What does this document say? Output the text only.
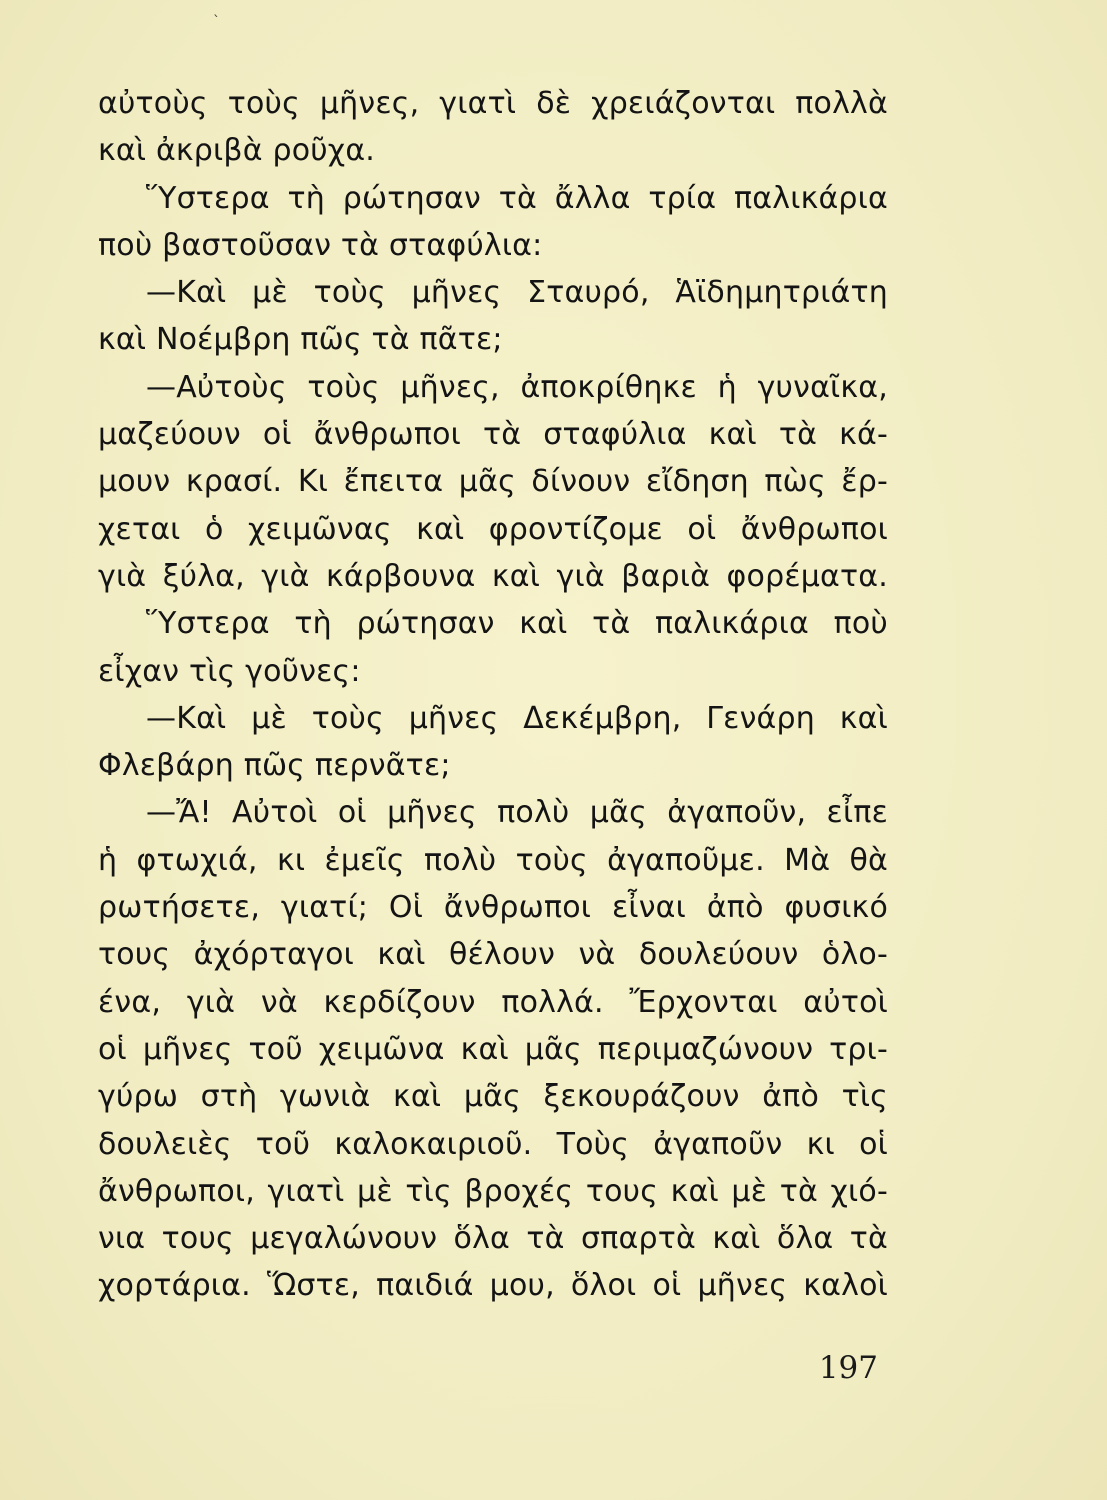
`
αὐτοὺς τοὺς μῆνες, γιατὶ δὲ χρειάζονται πολλὰ
καὶ ἀκριβὰ ροῦχα.
Ὕστερα τὴ ρώτησαν τὰ ἄλλα τρία παλικάρια
ποὺ βαστοῦσαν τὰ σταφύλια:
—Καὶ μὲ τοὺς μῆνες Σταυρό, Ἁϊδημητριάτη
καὶ Νοέμβρη πῶς τὰ πᾶτε;
—Αὐτοὺς τοὺς μῆνες, ἀποκρίθηκε ἡ γυναῖκα,
μαζεύουν οἱ ἄνθρωποι τὰ σταφύλια καὶ τὰ κά-
μουν κρασί. Κι ἔπειτα μᾶς δίνουν εἴδηση πὼς ἔρ-
χεται ὁ χειμῶνας καὶ φροντίζομε οἱ ἄνθρωποι
γιὰ ξύλα, γιὰ κάρβουνα καὶ γιὰ βαριὰ φορέματα.
Ὕστερα τὴ ρώτησαν καὶ τὰ παλικάρια ποὺ
εἶχαν τὶς γοῦνες:
—Καὶ μὲ τοὺς μῆνες Δεκέμβρη, Γενάρη καὶ
Φλεβάρη πῶς περνᾶτε;
—Ἄ! Αὐτοὶ οἱ μῆνες πολὺ μᾶς ἀγαποῦν, εἶπε
ἡ φτωχιά, κι ἐμεῖς πολὺ τοὺς ἀγαποῦμε. Μὰ θὰ
ρωτήσετε, γιατί; Οἱ ἄνθρωποι εἶναι ἀπὸ φυσικό
τους ἀχόρταγοι καὶ θέλουν νὰ δουλεύουν ὁλο-
ένα, γιὰ νὰ κερδίζουν πολλά. Ἔρχονται αὐτοὶ
οἱ μῆνες τοῦ χειμῶνα καὶ μᾶς περιμαζώνουν τρι-
γύρω στὴ γωνιὰ καὶ μᾶς ξεκουράζουν ἀπὸ τὶς
δουλειὲς τοῦ καλοκαιριοῦ. Τοὺς ἀγαποῦν κι οἱ
ἄνθρωποι, γιατὶ μὲ τὶς βροχές τους καὶ μὲ τὰ χιό-
νια τους μεγαλώνουν ὅλα τὰ σπαρτὰ καὶ ὅλα τὰ
χορτάρια. Ὥστε, παιδιά μου, ὅλοι οἱ μῆνες καλοὶ
197
